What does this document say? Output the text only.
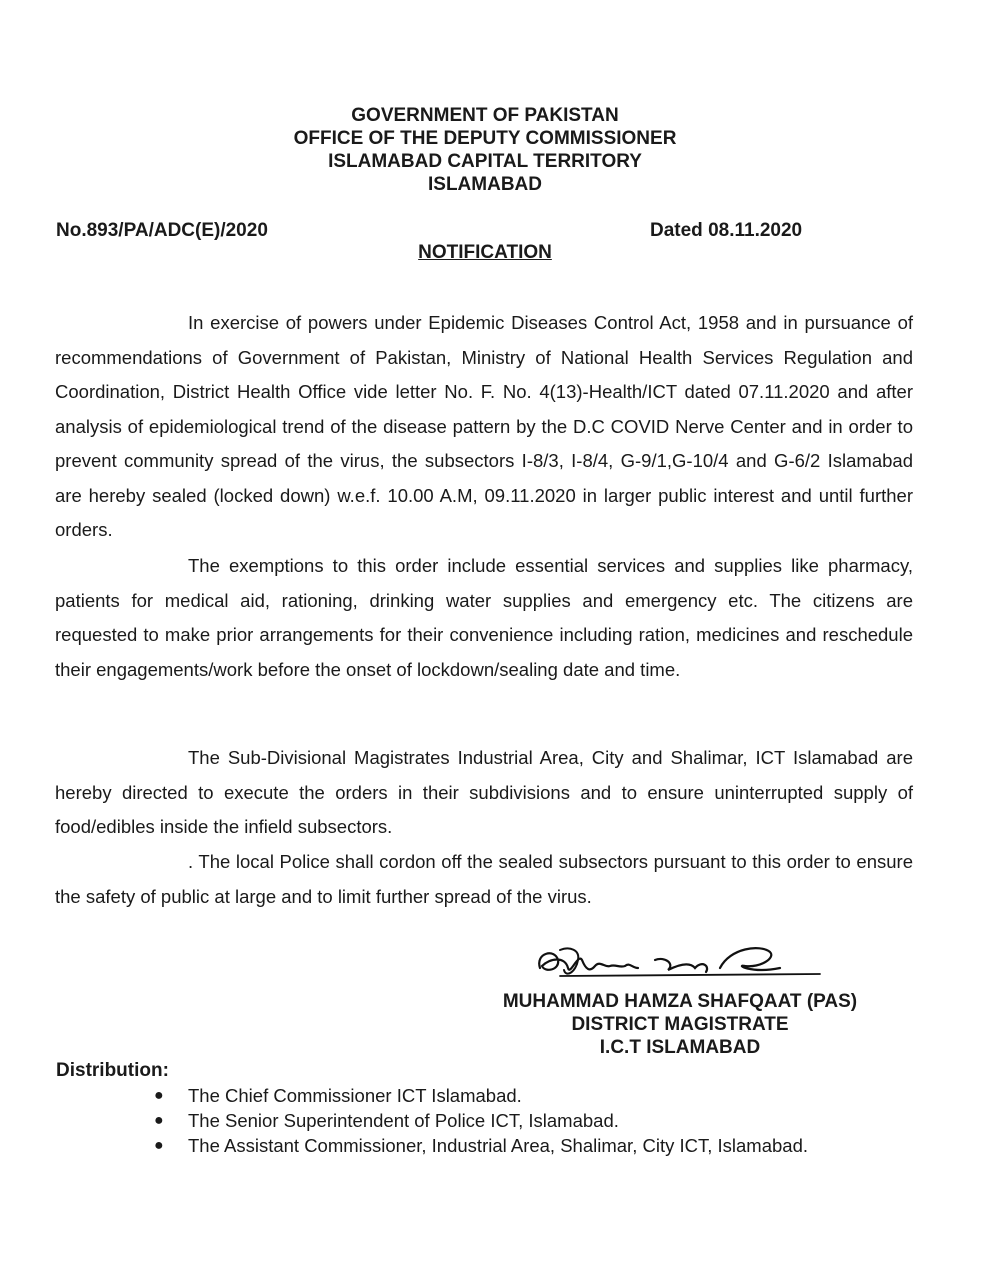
GOVERNMENT OF PAKISTAN
OFFICE OF THE DEPUTY COMMISSIONER
ISLAMABAD CAPITAL TERRITORY
ISLAMABAD
No.893/PA/ADC(E)/2020	Dated 08.11.2020
NOTIFICATION

In exercise of powers under Epidemic Diseases Control Act, 1958 and in pursuance of recommendations of Government of Pakistan, Ministry of National Health Services Regulation and Coordination, District Health Office vide letter No. F. No. 4(13)-Health/ICT dated 07.11.2020 and after analysis of epidemiological trend of the disease pattern by the D.C COVID Nerve Center and in order to prevent community spread of the virus, the subsectors I-8/3, I-8/4, G-9/1,G-10/4 and G-6/2 Islamabad are hereby sealed (locked down) w.e.f. 10.00 A.M, 09.11.2020 in larger public interest and until further orders.

The exemptions to this order include essential services and supplies like pharmacy, patients for medical aid, rationing, drinking water supplies and emergency etc. The citizens are requested to make prior arrangements for their convenience including ration, medicines and reschedule their engagements/work before the onset of lockdown/sealing date and time.

The Sub-Divisional Magistrates Industrial Area, City and Shalimar, ICT Islamabad are hereby directed to execute the orders in their subdivisions and to ensure uninterrupted supply of food/edibles inside the infield subsectors.

. The local Police shall cordon off the sealed subsectors pursuant to this order to ensure the safety of public at large and to limit further spread of the virus.

MUHAMMAD HAMZA SHAFQAAT (PAS)
DISTRICT MAGISTRATE
I.C.T ISLAMABAD
Distribution:
● The Chief Commissioner ICT Islamabad.
● The Senior Superintendent of Police ICT, Islamabad.
● The Assistant Commissioner, Industrial Area, Shalimar, City ICT, Islamabad.
